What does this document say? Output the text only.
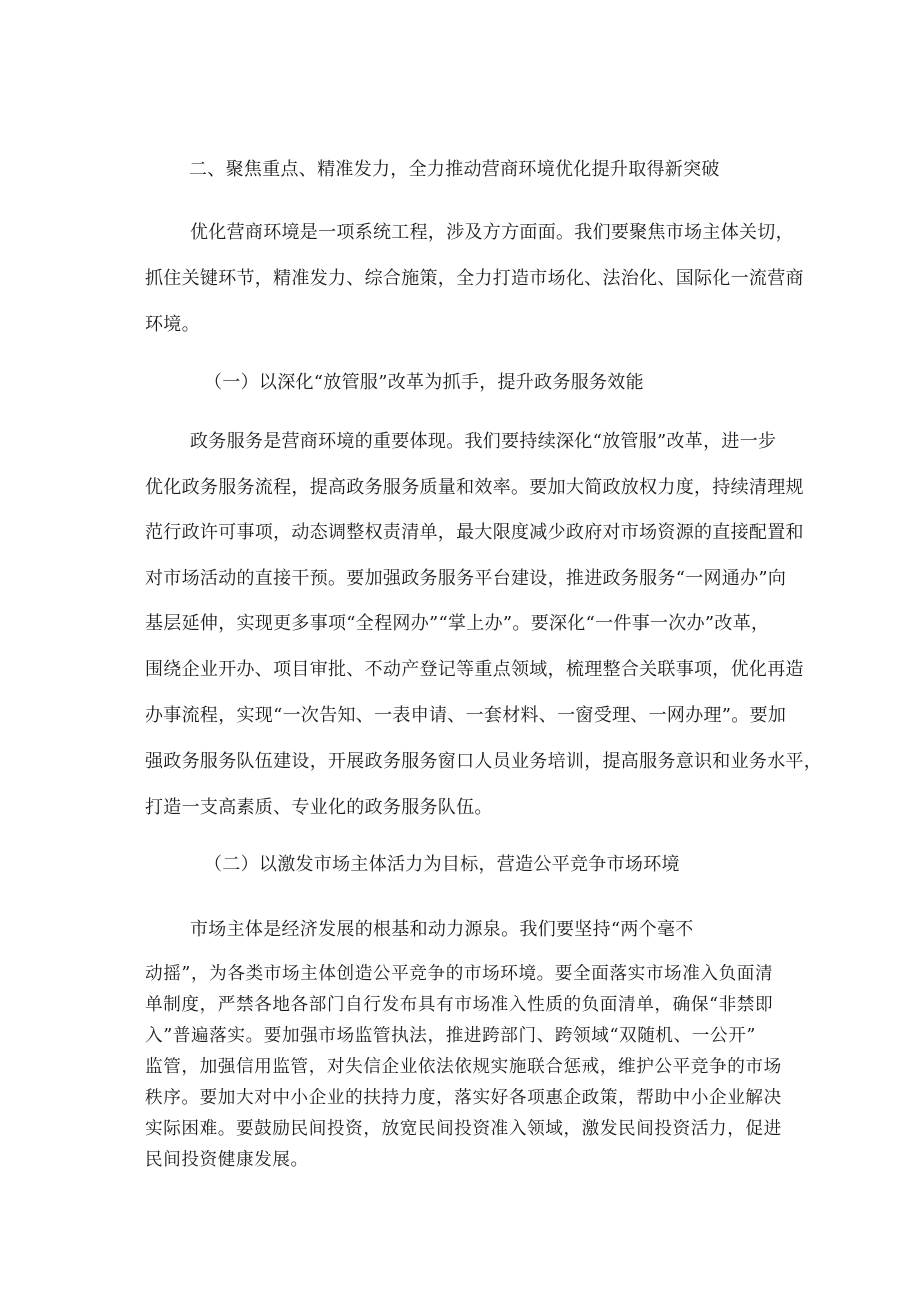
二、聚焦重点、精准发力，全力推动营商环境优化提升取得新突破

优化营商环境是一项系统工程，涉及方方面面。我们要聚焦市场主体关切，

抓住关键环节，精准发力、综合施策，全力打造市场化、法治化、国际化一流营商

环境。

（一）以深化“放管服”改革为抓手，提升政务服务效能

政务服务是营商环境的重要体现。我们要持续深化“放管服”改革，进一步

优化政务服务流程，提高政务服务质量和效率。要加大简政放权力度，持续清理规

范行政许可事项，动态调整权责清单，最大限度减少政府对市场资源的直接配置和

对市场活动的直接干预。要加强政务服务平台建设，推进政务服务“一网通办”向

基层延伸，实现更多事项“全程网办”“掌上办”。要深化“一件事一次办”改革，

围绕企业开办、项目审批、不动产登记等重点领域，梳理整合关联事项，优化再造

办事流程，实现“一次告知、一表申请、一套材料、一窗受理、一网办理”。要加

强政务服务队伍建设，开展政务服务窗口人员业务培训，提高服务意识和业务水平，

打造一支高素质、专业化的政务服务队伍。

（二）以激发市场主体活力为目标，营造公平竞争市场环境

市场主体是经济发展的根基和动力源泉。我们要坚持“两个毫不

动摇”，为各类市场主体创造公平竞争的市场环境。要全面落实市场准入负面清

单制度，严禁各地各部门自行发布具有市场准入性质的负面清单，确保“非禁即

入”普遍落实。要加强市场监管执法，推进跨部门、跨领域“双随机、一公开”

监管，加强信用监管，对失信企业依法依规实施联合惩戒，维护公平竞争的市场

秩序。要加大对中小企业的扶持力度，落实好各项惠企政策，帮助中小企业解决

实际困难。要鼓励民间投资，放宽民间投资准入领域，激发民间投资活力，促进

民间投资健康发展。
